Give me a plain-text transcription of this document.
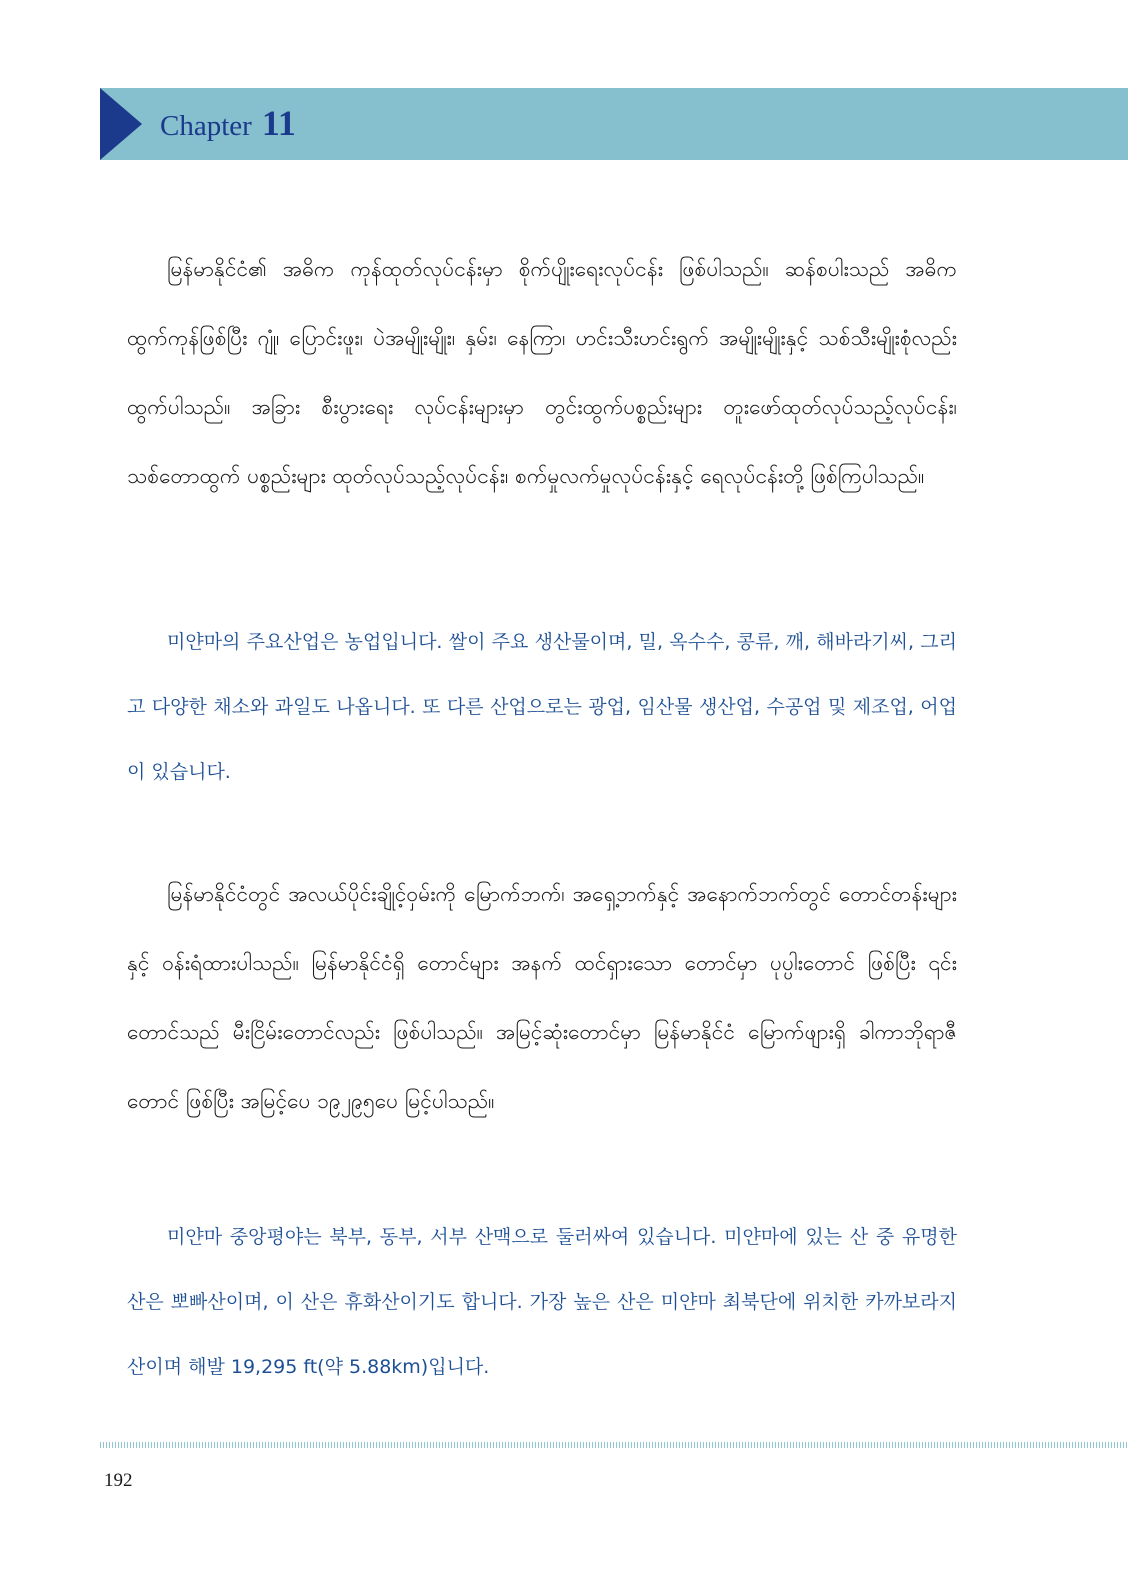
Chapter 11

မြန်မာနိုင်ငံ၏ အဓိက ကုန်ထုတ်လုပ်ငန်းမှာ စိုက်ပျိုးရေးလုပ်ငန်း ဖြစ်ပါသည်။ ဆန်စပါးသည် အဓိက ထွက်ကုန်ဖြစ်ပြီး ဂျုံ၊ ပြောင်းဖူး၊ ပဲအမျိုးမျိုး၊ နှမ်း၊ နေကြာ၊ ဟင်းသီးဟင်းရွက် အမျိုးမျိုးနှင့် သစ်သီးမျိုးစုံလည်း ထွက်ပါသည်။ အခြား စီးပွားရေး လုပ်ငန်းများမှာ တွင်းထွက်ပစ္စည်းများ တူးဖော်ထုတ်လုပ်သည့်လုပ်ငန်း၊ သစ်တောထွက် ပစ္စည်းများ ထုတ်လုပ်သည့်လုပ်ငန်း၊ စက်မှုလက်မှုလုပ်ငန်းနှင့် ရေလုပ်ငန်းတို့ ဖြစ်ကြပါသည်။

미얀마의 주요산업은 농업입니다. 쌀이 주요 생산물이며, 밀, 옥수수, 콩류, 깨, 해바라기씨, 그리고 다양한 채소와 과일도 나옵니다. 또 다른 산업으로는 광업, 임산물 생산업, 수공업 및 제조업, 어업이 있습니다.

မြန်မာနိုင်ငံတွင် အလယ်ပိုင်းချိုင့်ဝှမ်းကို မြောက်ဘက်၊ အရှေ့ဘက်နှင့် အနောက်ဘက်တွင် တောင်တန်းများနှင့် ဝန်းရံထားပါသည်။ မြန်မာနိုင်ငံရှိ တောင်များ အနက် ထင်ရှားသော တောင်မှာ ပုပ္ပါးတောင် ဖြစ်ပြီး ၎င်း တောင်သည် မီးငြိမ်းတောင်လည်း ဖြစ်ပါသည်။ အမြင့်ဆုံးတောင်မှာ မြန်မာနိုင်ငံ မြောက်ဖျားရှိ ခါကာဘိုရာဇီတောင် ဖြစ်ပြီး အမြင့်ပေ ၁၉၂၉၅ပေ မြင့်ပါသည်။

미얀마 중앙평야는 북부, 동부, 서부 산맥으로 둘러싸여 있습니다. 미얀마에 있는 산 중 유명한 산은 뽀빠산이며, 이 산은 휴화산이기도 합니다. 가장 높은 산은 미얀마 최북단에 위치한 카까보라지산이며 해발 19,295 ft(약 5.88km)입니다.

192
